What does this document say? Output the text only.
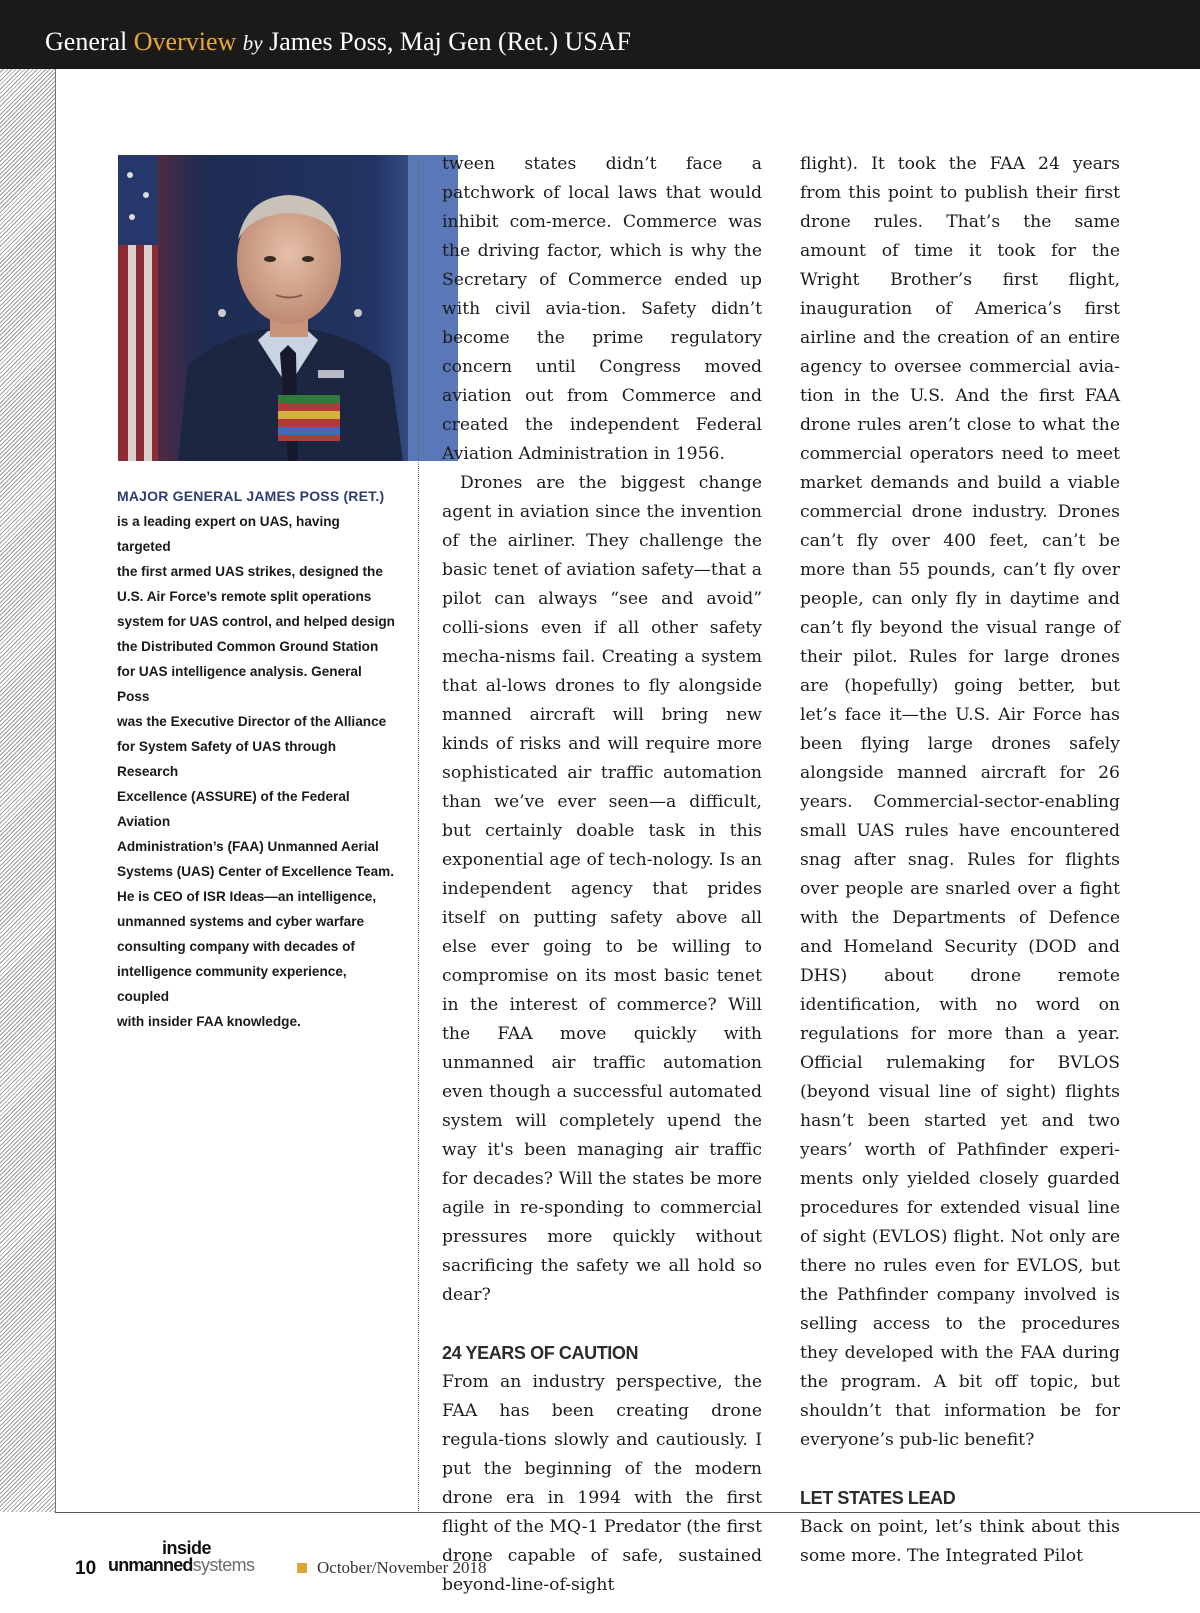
General Overview by James Poss, Maj Gen (Ret.) USAF
MAJOR GENERAL JAMES POSS (RET.)
is a leading expert on UAS, having targeted
the first armed UAS strikes, designed the
U.S. Air Force’s remote split operations
system for UAS control, and helped design
the Distributed Common Ground Station
for UAS intelligence analysis. General Poss
was the Executive Director of the Alliance
for System Safety of UAS through Research
Excellence (ASSURE) of the Federal Aviation
Administration’s (FAA) Unmanned Aerial
Systems (UAS) Center of Excellence Team.
He is CEO of ISR Ideas—an intelligence,
unmanned systems and cyber warfare
consulting company with decades of
intelligence community experience, coupled
with insider FAA knowledge.

tween states didn’t face a patchwork of local laws that would inhibit com-merce. Commerce was the driving factor, which is why the Secretary of Commerce ended up with civil avia-tion. Safety didn’t become the prime regulatory concern until Congress moved aviation out from Commerce and created the independent Federal Aviation Administration in 1956.

Drones are the biggest change agent in aviation since the invention of the airliner. They challenge the basic tenet of aviation safety—that a pilot can always “see and avoid” colli-sions even if all other safety mecha-nisms fail. Creating a system that al-lows drones to fly alongside manned aircraft will bring new kinds of risks and will require more sophisticated air traffic automation than we’ve ever seen—a difficult, but certainly doable task in this exponential age of tech-nology. Is an independent agency that prides itself on putting safety above all else ever going to be willing to compromise on its most basic tenet in the interest of commerce? Will the FAA move quickly with unmanned air traffic automation even though a successful automated system will completely upend the way it's been managing air traffic for decades? Will the states be more agile in re-sponding to commercial pressures more quickly without sacrificing the safety we all hold so dear?

24 YEARS OF CAUTION

From an industry perspective, the FAA has been creating drone regula-tions slowly and cautiously. I put the beginning of the modern drone era in 1994 with the first flight of the MQ-1 Predator (the first drone capable of safe, sustained beyond-line-of-sight

flight). It took the FAA 24 years from this point to publish their first drone rules. That’s the same amount of time it took for the Wright Brother’s first flight, inauguration of America’s first airline and the creation of an entire agency to oversee commercial avia-tion in the U.S. And the first FAA drone rules aren’t close to what the commercial operators need to meet market demands and build a viable commercial drone industry. Drones can’t fly over 400 feet, can’t be more than 55 pounds, can’t fly over people, can only fly in daytime and can’t fly beyond the visual range of their pilot. Rules for large drones are (hopefully) going better, but let’s face it—the U.S. Air Force has been flying large drones safely alongside manned aircraft for 26 years. Commercial-sector-enabling small UAS rules have encountered snag after snag. Rules for flights over people are snarled over a fight with the Departments of Defence and Homeland Security (DOD and DHS) about drone remote identification, with no word on regulations for more than a year. Official rulemaking for BVLOS (beyond visual line of sight) flights hasn’t been started yet and two years’ worth of Pathfinder experi-ments only yielded closely guarded procedures for extended visual line of sight (EVLOS) flight. Not only are there no rules even for EVLOS, but the Pathfinder company involved is selling access to the procedures they developed with the FAA during the program. A bit off topic, but shouldn’t that information be for everyone’s pub-lic benefit?

LET STATES LEAD

Back on point, let’s think about this some more. The Integrated Pilot

10
inside
unmannedsystems	October/November 2018
